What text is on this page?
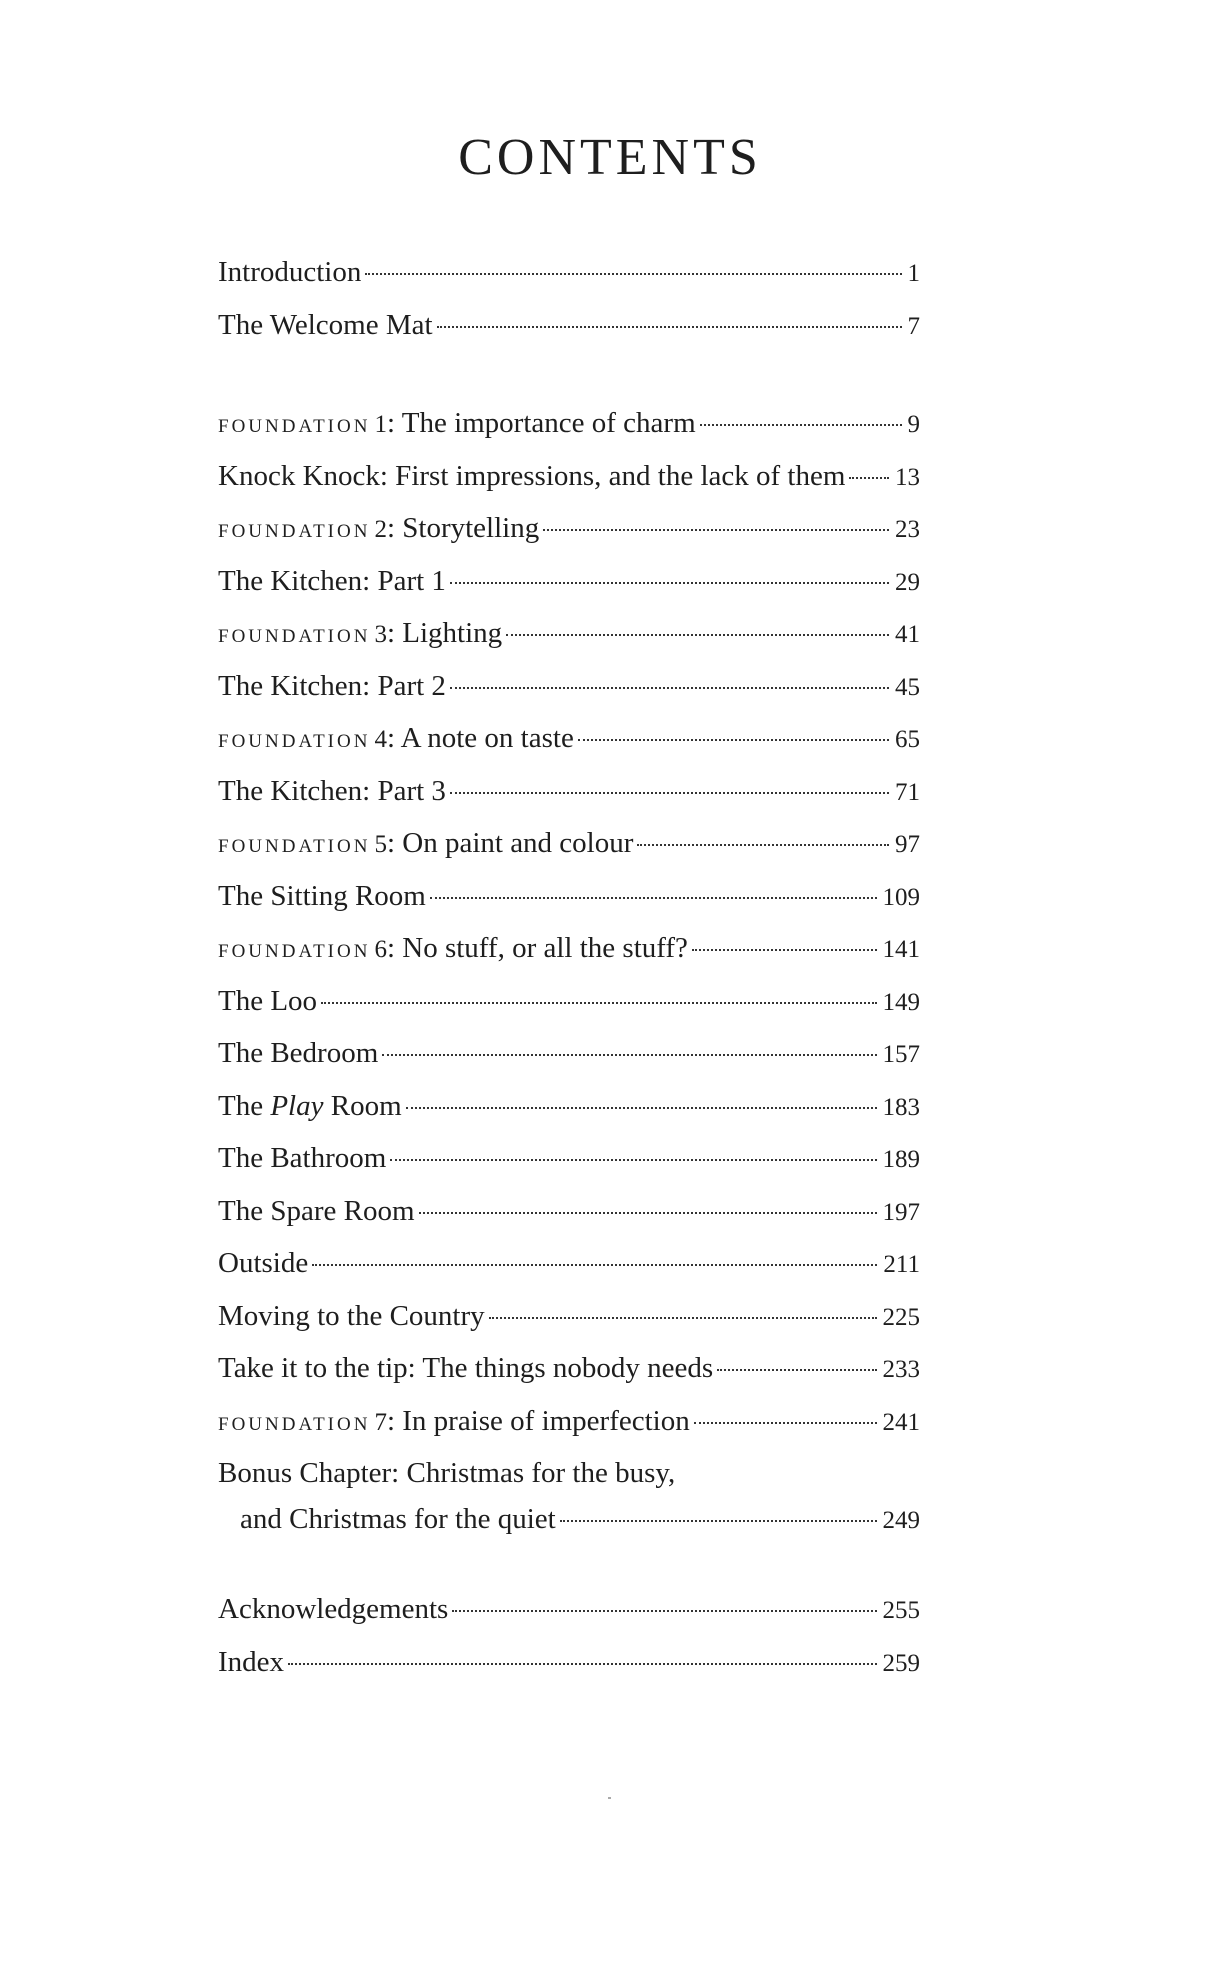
CONTENTS
Introduction	1
The Welcome Mat	7
FOUNDATION 1: The importance of charm	9
Knock Knock: First impressions, and the lack of them 13
FOUNDATION 2: Storytelling	23
The Kitchen: Part 1	29
FOUNDATION 3: Lighting	41
The Kitchen: Part 2	45
FOUNDATION 4: A note on taste	65
The Kitchen: Part 3	71
FOUNDATION 5: On paint and colour	97
The Sitting Room	109
FOUNDATION 6: No stuff, or all the stuff?	141
The Loo	149
The Bedroom	157
The Play Room	183
The Bathroom	189
The Spare Room	197
Outside	211
Moving to the Country	225
Take it to the tip: The things nobody needs	233
FOUNDATION 7: In praise of imperfection	241
Bonus Chapter: Christmas for the busy,
and Christmas for the quiet	249
Acknowledgements	255
Index	259
